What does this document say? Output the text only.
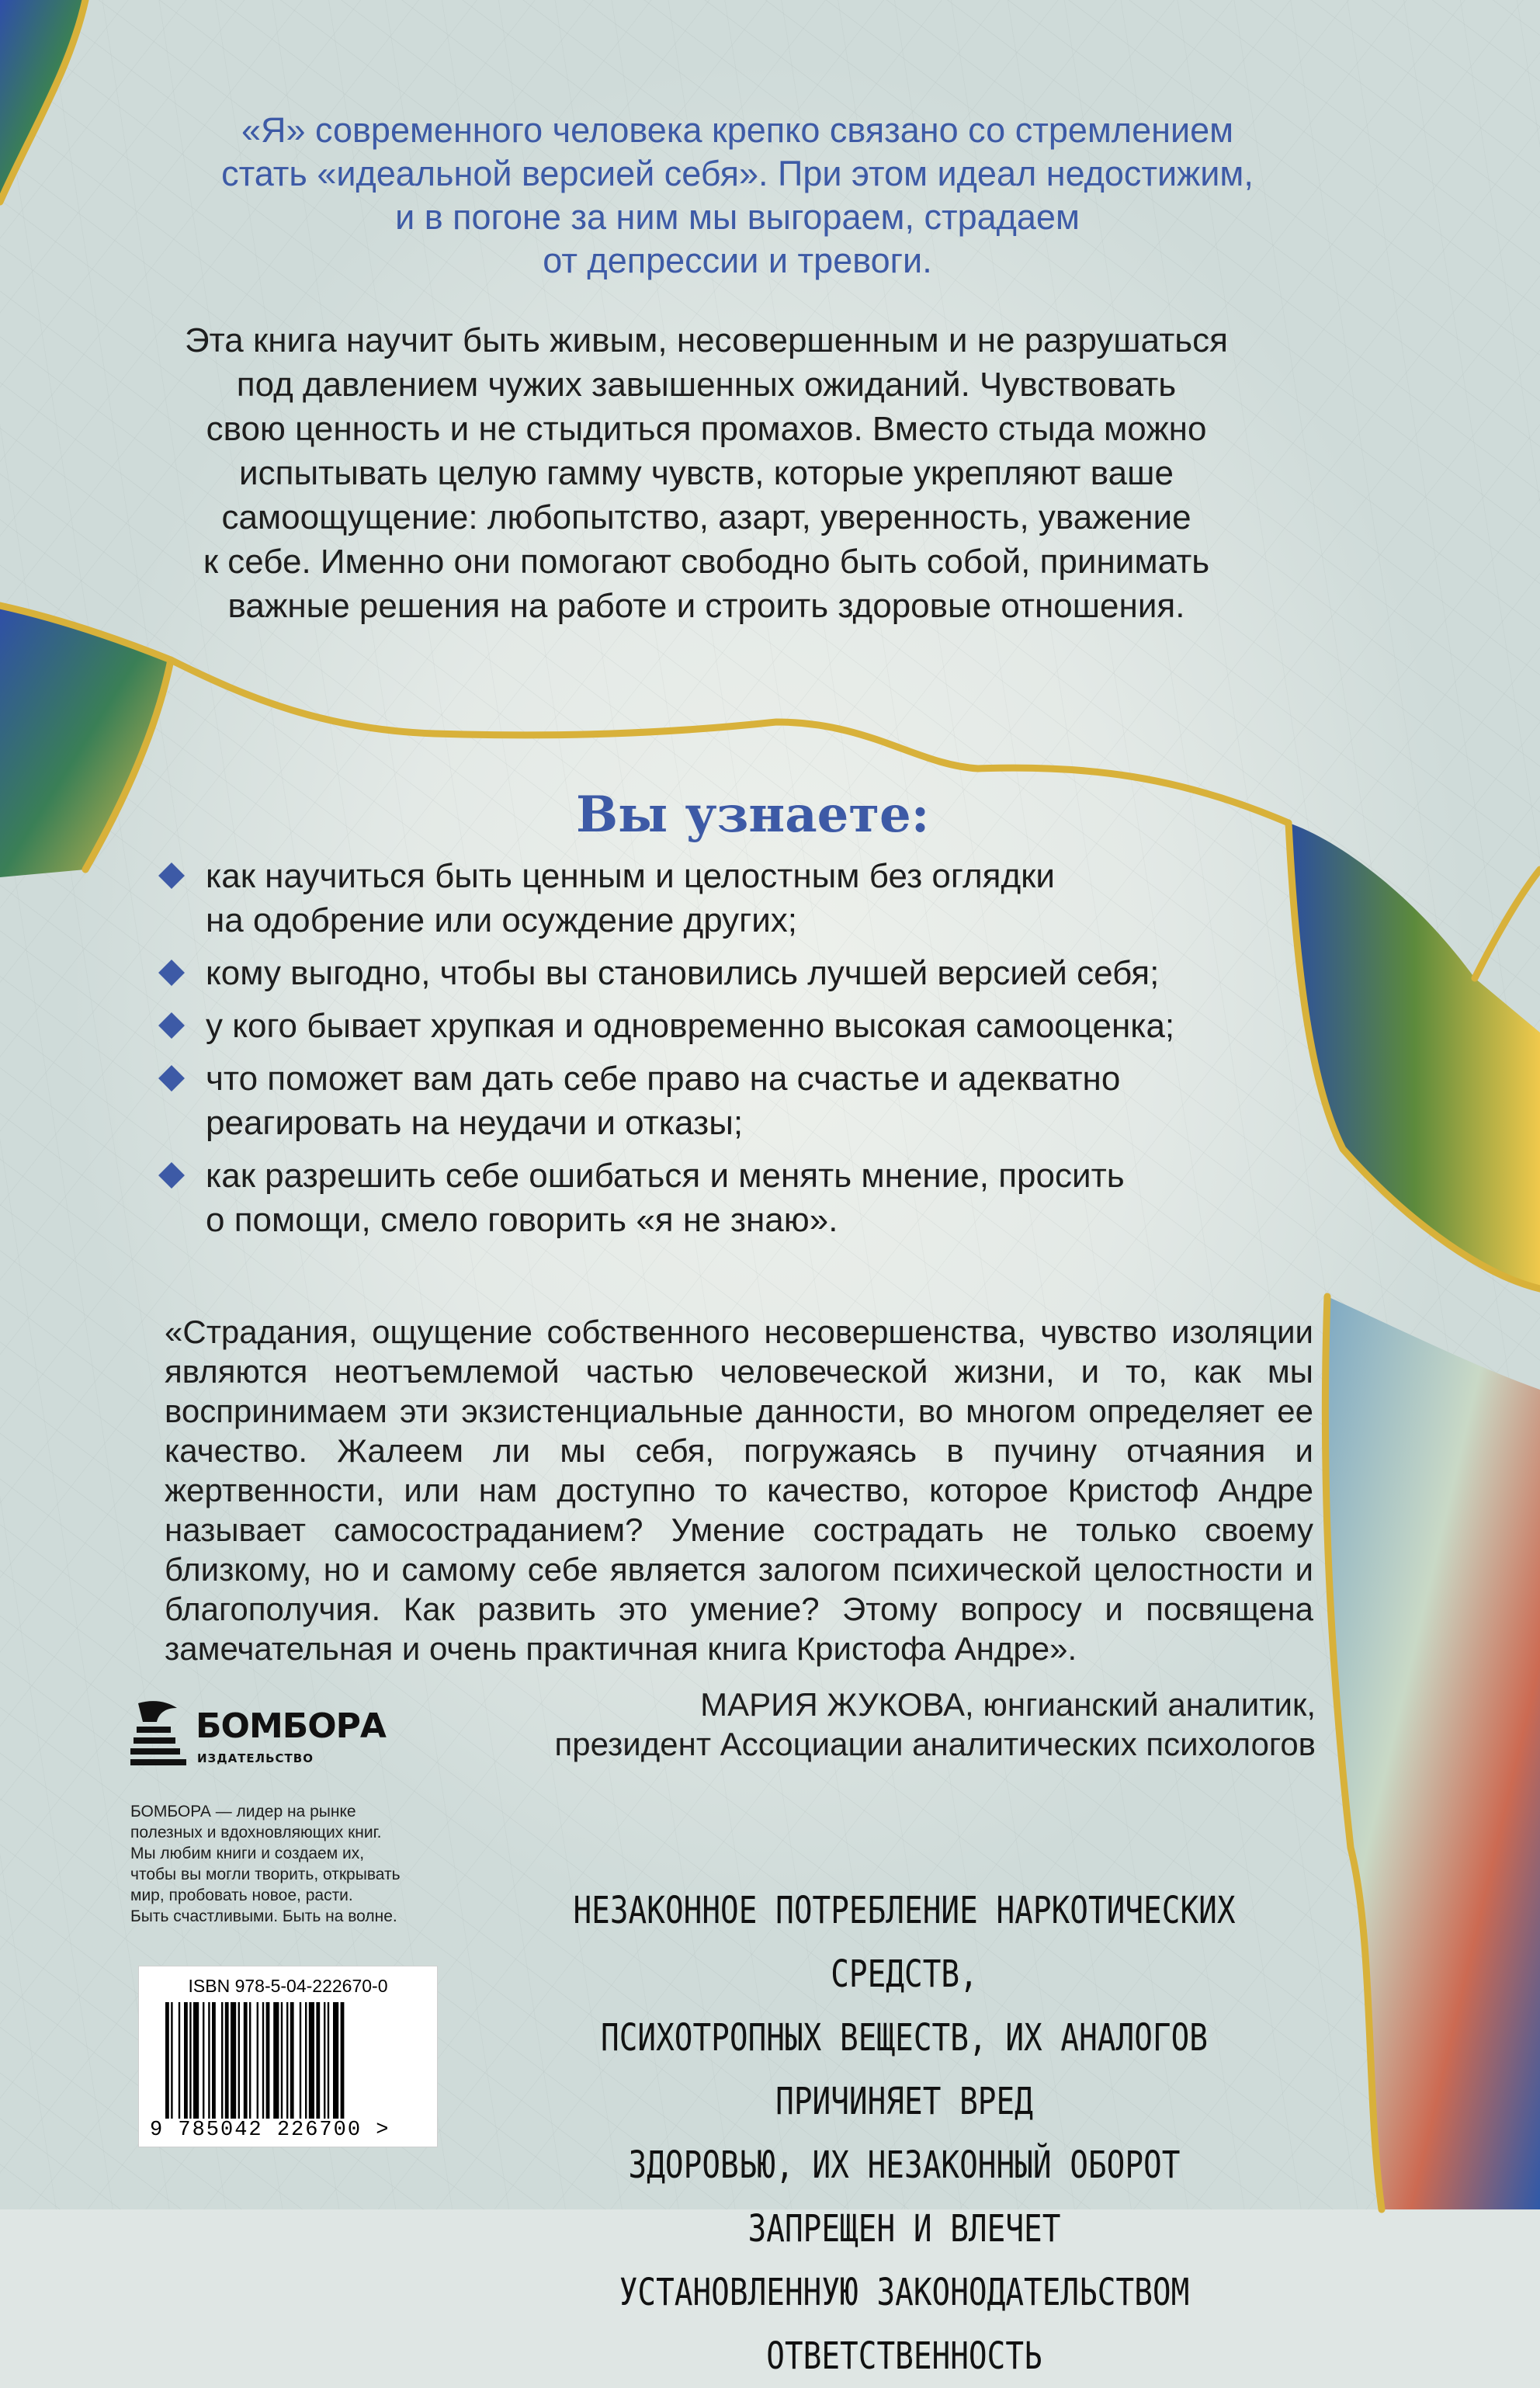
«Я» современного человека крепко связано со стремлением
стать «идеальной версией себя». При этом идеал недостижим,
и в погоне за ним мы выгораем, страдаем
от депрессии и тревоги.
Эта книга научит быть живым, несовершенным и не разрушаться
под давлением чужих завышенных ожиданий. Чувствовать
свою ценность и не стыдиться промахов. Вместо стыда можно
испытывать целую гамму чувств, которые укрепляют ваше
самоощущение: любопытство, азарт, уверенность, уважение
к себе. Именно они помогают свободно быть собой, принимать
важные решения на работе и строить здоровые отношения.
Вы узнаете:
как научиться быть ценным и целостным без оглядки
на одобрение или осуждение других;
кому выгодно, чтобы вы становились лучшей версией себя;
у кого бывает хрупкая и одновременно высокая самооценка;
что поможет вам дать себе право на счастье и адекватно
реагировать на неудачи и отказы;
как разрешить себе ошибаться и менять мнение, просить
о помощи, смело говорить «я не знаю».
«Страдания, ощущение собственного несовершенства, чувство изоляции являются неотъемлемой частью человеческой жизни, и то, как мы воспринимаем эти экзистенциальные данности, во многом определяет ее качество. Жалеем ли мы себя, погружаясь в пучину отчаяния и жертвенности, или нам доступно то качество, которое Кристоф Андре называет самосостраданием? Умение сострадать не только своему близкому, но и самому себе является залогом психической целостности и благополучия. Как развить это умение? Этому вопросу и посвящена замечательная и очень практичная книга Кристофа Андре».
МАРИЯ ЖУКОВА, юнгианский аналитик,
президент Ассоциации аналитических психологов
БОМБОРА
ИЗДАТЕЛЬСТВО
БОМБОРА — лидер на рынке
полезных и вдохновляющих книг.
Мы любим книги и создаем их,
чтобы вы могли творить, открывать
мир, пробовать новое, расти.
Быть счастливыми. Быть на волне.
ISBN 978-5-04-222670-0
9 785042 226700 >
НЕЗАКОННОЕ ПОТРЕБЛЕНИЕ НАРКОТИЧЕСКИХ СРЕДСТВ,
ПСИХОТРОПНЫХ ВЕЩЕСТВ, ИХ АНАЛОГОВ ПРИЧИНЯЕТ ВРЕД
ЗДОРОВЬЮ, ИХ НЕЗАКОННЫЙ ОБОРОТ ЗАПРЕЩЕН И ВЛЕЧЕТ
УСТАНОВЛЕННУЮ ЗАКОНОДАТЕЛЬСТВОМ ОТВЕТСТВЕННОСТЬ
